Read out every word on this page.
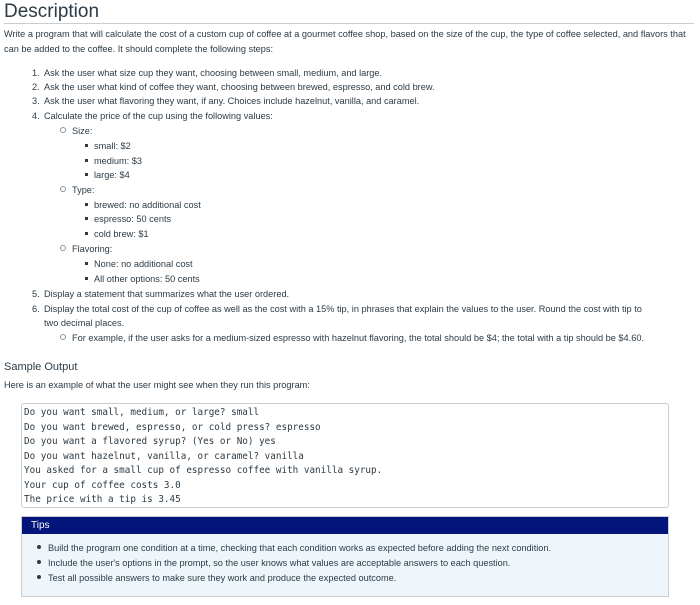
Description
Write a program that will calculate the cost of a custom cup of coffee at a gourmet coffee shop, based on the size of the cup, the type of coffee selected, and flavors that can be added to the coffee. It should complete the following steps:
1. Ask the user what size cup they want, choosing between small, medium, and large.
2. Ask the user what kind of coffee they want, choosing between brewed, espresso, and cold brew.
3. Ask the user what flavoring they want, if any. Choices include hazelnut, vanilla, and caramel.
4. Calculate the price of the cup using the following values:
Size:
small: $2
medium: $3
large: $4
Type:
brewed: no additional cost
espresso: 50 cents
cold brew: $1
Flavoring:
None: no additional cost
All other options: 50 cents
5. Display a statement that summarizes what the user ordered.
6. Display the total cost of the cup of coffee as well as the cost with a 15% tip, in phrases that explain the values to the user. Round the cost with tip to
two decimal places.
For example, if the user asks for a medium-sized espresso with hazelnut flavoring, the total should be $4; the total with a tip should be $4.60.
Sample Output
Here is an example of what the user might see when they run this program:
Do you want small, medium, or large? small
Do you want brewed, espresso, or cold press? espresso
Do you want a flavored syrup? (Yes or No) yes
Do you want hazelnut, vanilla, or caramel? vanilla
You asked for a small cup of espresso coffee with vanilla syrup.
Your cup of coffee costs 3.0
The price with a tip is 3.45
Tips
Build the program one condition at a time, checking that each condition works as expected before adding the next condition.
Include the user's options in the prompt, so the user knows what values are acceptable answers to each question.
Test all possible answers to make sure they work and produce the expected outcome.
